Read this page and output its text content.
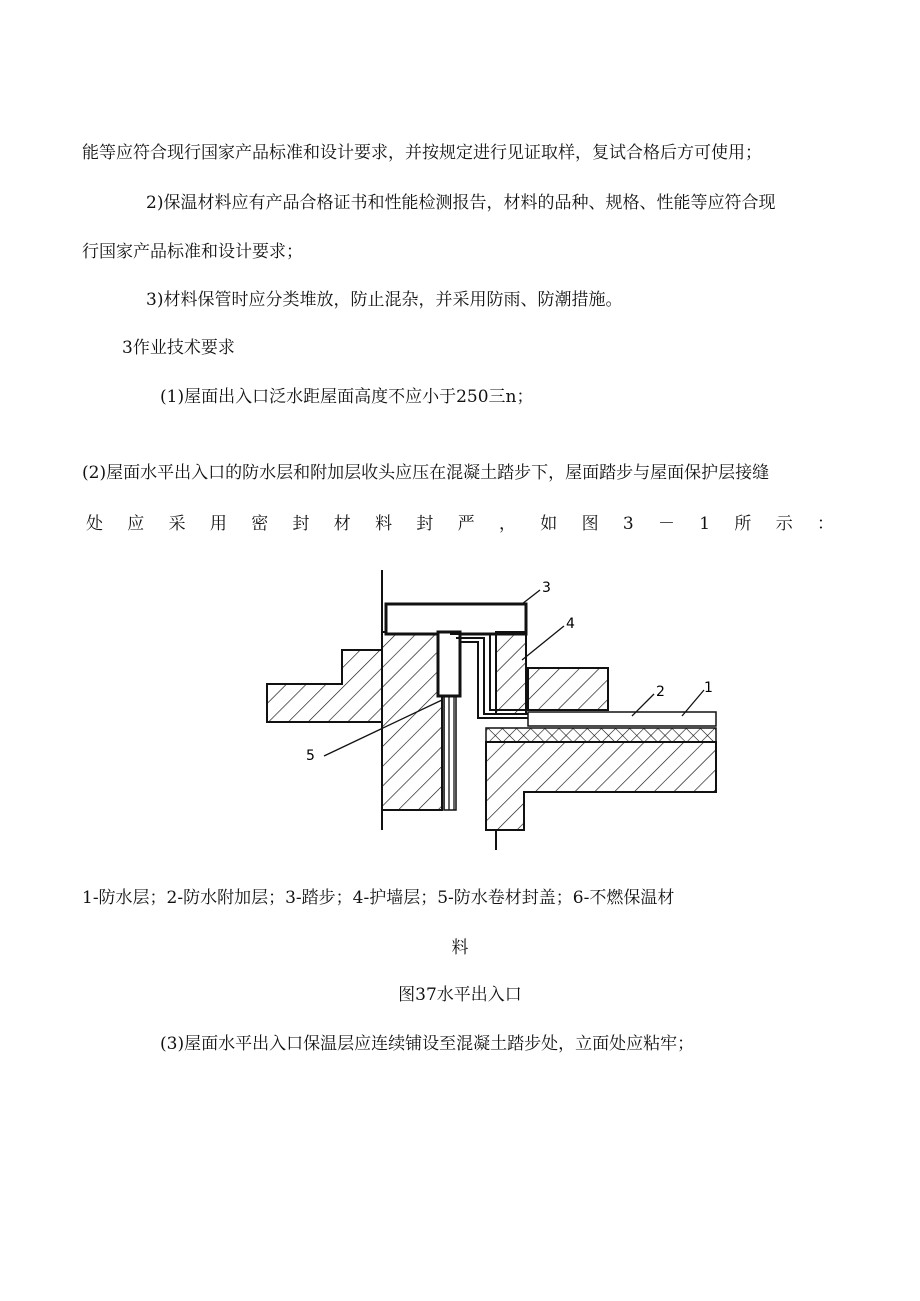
能等应符合现行国家产品标准和设计要求，并按规定进行见证取样，复试合格后方可使用；
2)保温材料应有产品合格证书和性能检测报告，材料的品种、规格、性能等应符合现
行国家产品标准和设计要求；
3)材料保管时应分类堆放，防止混杂，并采用防雨、防潮措施。
3作业技术要求
(1)屋面出入口泛水距屋面高度不应小于250三n；
(2)屋面水平出入口的防水层和附加层收头应压在混凝土踏步下，屋面踏步与屋面保护层接缝
处 应 采 用 密 封 材 料 封 严 ， 如 图 3 － 1 所 示 ：
1
2
3
4
5
1-防水层；2-防水附加层；3-踏步；4-护墙层；5-防水卷材封盖；6-不燃保温材
料
图37水平出入口
(3)屋面水平出入口保温层应连续铺设至混凝土踏步处，立面处应粘牢；
